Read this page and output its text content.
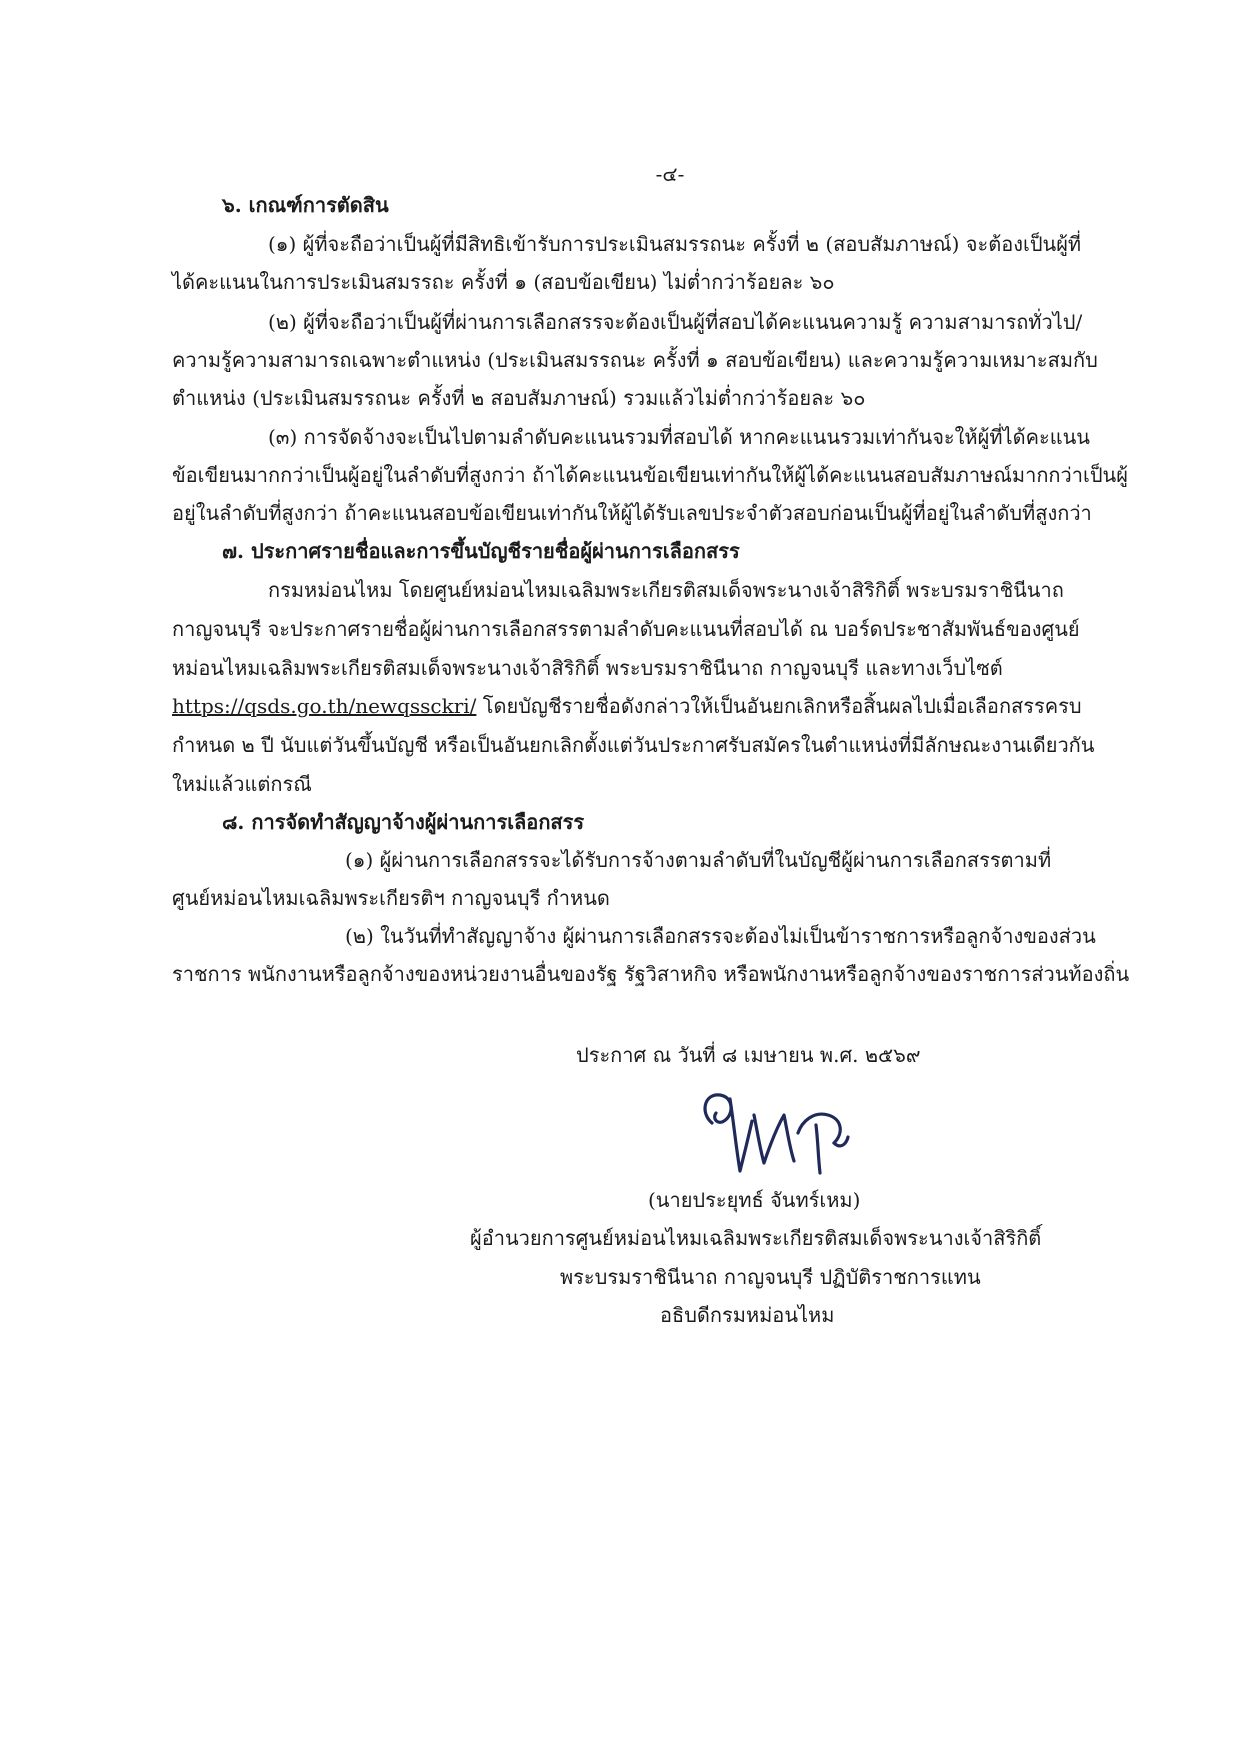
-๔-
๖. เกณฑ์การตัดสิน
(๑) ผู้ที่จะถือว่าเป็นผู้ที่มีสิทธิเข้ารับการประเมินสมรรถนะ ครั้งที่ ๒ (สอบสัมภาษณ์) จะต้องเป็นผู้ที่
ได้คะแนนในการประเมินสมรรถะ ครั้งที่ ๑ (สอบข้อเขียน) ไม่ต่ำกว่าร้อยละ ๖๐
(๒) ผู้ที่จะถือว่าเป็นผู้ที่ผ่านการเลือกสรรจะต้องเป็นผู้ที่สอบได้คะแนนความรู้ ความสามารถทั่วไป/
ความรู้ความสามารถเฉพาะตำแหน่ง (ประเมินสมรรถนะ ครั้งที่ ๑ สอบข้อเขียน) และความรู้ความเหมาะสมกับ
ตำแหน่ง (ประเมินสมรรถนะ ครั้งที่ ๒ สอบสัมภาษณ์) รวมแล้วไม่ต่ำกว่าร้อยละ ๖๐
(๓) การจัดจ้างจะเป็นไปตามลำดับคะแนนรวมที่สอบได้ หากคะแนนรวมเท่ากันจะให้ผู้ที่ได้คะแนน
ข้อเขียนมากกว่าเป็นผู้อยู่ในลำดับที่สูงกว่า ถ้าได้คะแนนข้อเขียนเท่ากันให้ผู้ได้คะแนนสอบสัมภาษณ์มากกว่าเป็นผู้
อยู่ในลำดับที่สูงกว่า ถ้าคะแนนสอบข้อเขียนเท่ากันให้ผู้ได้รับเลขประจำตัวสอบก่อนเป็นผู้ที่อยู่ในลำดับที่สูงกว่า
๗. ประกาศรายชื่อและการขึ้นบัญชีรายชื่อผู้ผ่านการเลือกสรร
กรมหม่อนไหม โดยศูนย์หม่อนไหมเฉลิมพระเกียรติสมเด็จพระนางเจ้าสิริกิติ์ พระบรมราชินีนาถ
กาญจนบุรี จะประกาศรายชื่อผู้ผ่านการเลือกสรรตามลำดับคะแนนที่สอบได้ ณ บอร์ดประชาสัมพันธ์ของศูนย์
หม่อนไหมเฉลิมพระเกียรติสมเด็จพระนางเจ้าสิริกิติ์ พระบรมราชินีนาถ กาญจนบุรี และทางเว็บไซต์
https://qsds.go.th/newqssckri/ โดยบัญชีรายชื่อดังกล่าวให้เป็นอันยกเลิกหรือสิ้นผลไปเมื่อเลือกสรรครบ
กำหนด ๒ ปี นับแต่วันขึ้นบัญชี หรือเป็นอันยกเลิกตั้งแต่วันประกาศรับสมัครในตำแหน่งที่มีลักษณะงานเดียวกัน
ใหม่แล้วแต่กรณี
๘. การจัดทำสัญญาจ้างผู้ผ่านการเลือกสรร
(๑) ผู้ผ่านการเลือกสรรจะได้รับการจ้างตามลำดับที่ในบัญชีผู้ผ่านการเลือกสรรตามที่
ศูนย์หม่อนไหมเฉลิมพระเกียรติฯ กาญจนบุรี กำหนด
(๒) ในวันที่ทำสัญญาจ้าง ผู้ผ่านการเลือกสรรจะต้องไม่เป็นข้าราชการหรือลูกจ้างของส่วน
ราชการ พนักงานหรือลูกจ้างของหน่วยงานอื่นของรัฐ รัฐวิสาหกิจ หรือพนักงานหรือลูกจ้างของราชการส่วนท้องถิ่น
ประกาศ ณ วันที่ ๘ เมษายน พ.ศ. ๒๕๖๙
(นายประยุทธ์ จันทร์เหม)
ผู้อำนวยการศูนย์หม่อนไหมเฉลิมพระเกียรติสมเด็จพระนางเจ้าสิริกิติ์
พระบรมราชินีนาถ กาญจนบุรี ปฏิบัติราชการแทน
อธิบดีกรมหม่อนไหม
